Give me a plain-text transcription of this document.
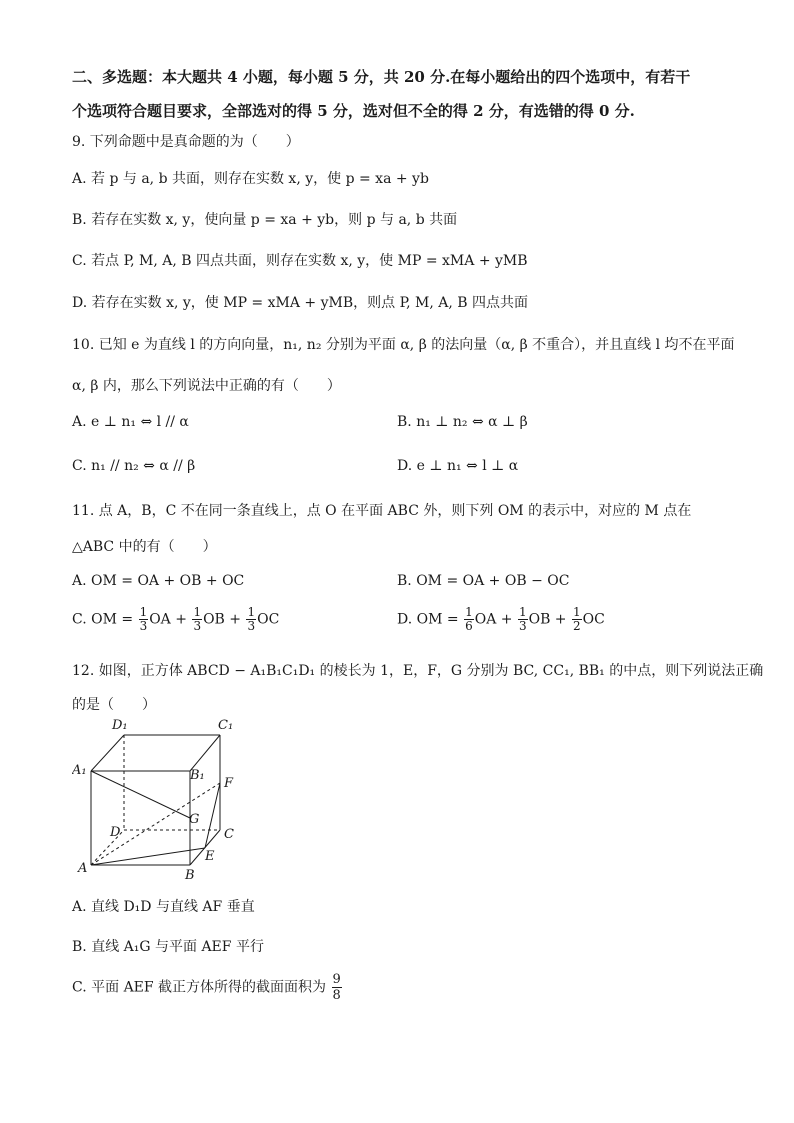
二、多选题：本大题共 4 小题，每小题 5 分，共 20 分.在每小题给出的四个选项中，有若干
个选项符合题目要求，全部选对的得 5 分，选对但不全的得 2 分，有选错的得 0 分.
9. 下列命题中是真命题的为（　　）
A. 若 p 与 a, b 共面，则存在实数 x, y，使 p = xa + yb
B. 若存在实数 x, y，使向量 p = xa + yb，则 p 与 a, b 共面
C. 若点 P, M, A, B 四点共面，则存在实数 x, y，使 MP = xMA + yMB
D. 若存在实数 x, y，使 MP = xMA + yMB，则点 P, M, A, B 四点共面
10. 已知 e 为直线 l 的方向向量，n₁, n₂ 分别为平面 α, β 的法向量（α, β 不重合），并且直线 l 均不在平面
α, β 内，那么下列说法中正确的有（　　）
A. e ⊥ n₁ ⇔ l // α	B. n₁ ⊥ n₂ ⇔ α ⊥ β
C. n₁ // n₂ ⇔ α // β	D. e ⊥ n₁ ⇔ l ⊥ α
11. 点 A，B，C 不在同一条直线上，点 O 在平面 ABC 外，则下列 OM 的表示中，对应的 M 点在
△ABC 中的有（　　）
A. OM = OA + OB + OC	B. OM = OA + OB − OC
C. OM = $\frac{1}{3}$ OA + $\frac{1}{3}$ OB + $\frac{1}{3}$ OC	D. OM = $\frac{1}{6}$ OA + $\frac{1}{3}$ OB + $\frac{1}{2}$ OC
12. 如图，正方体 ABCD − A₁B₁C₁D₁ 的棱长为 1，E，F，G 分别为 BC, CC₁, BB₁ 的中点，则下列说法正确
的是（　　）
D₁	C₁
A₁	B₁
F
G
D	C
E
A	B
A. 直线 D₁D 与直线 AF 垂直
B. 直线 A₁G 与平面 AEF 平行
C. 平面 AEF 截正方体所得的截面面积为 $\frac{9}{8}$
